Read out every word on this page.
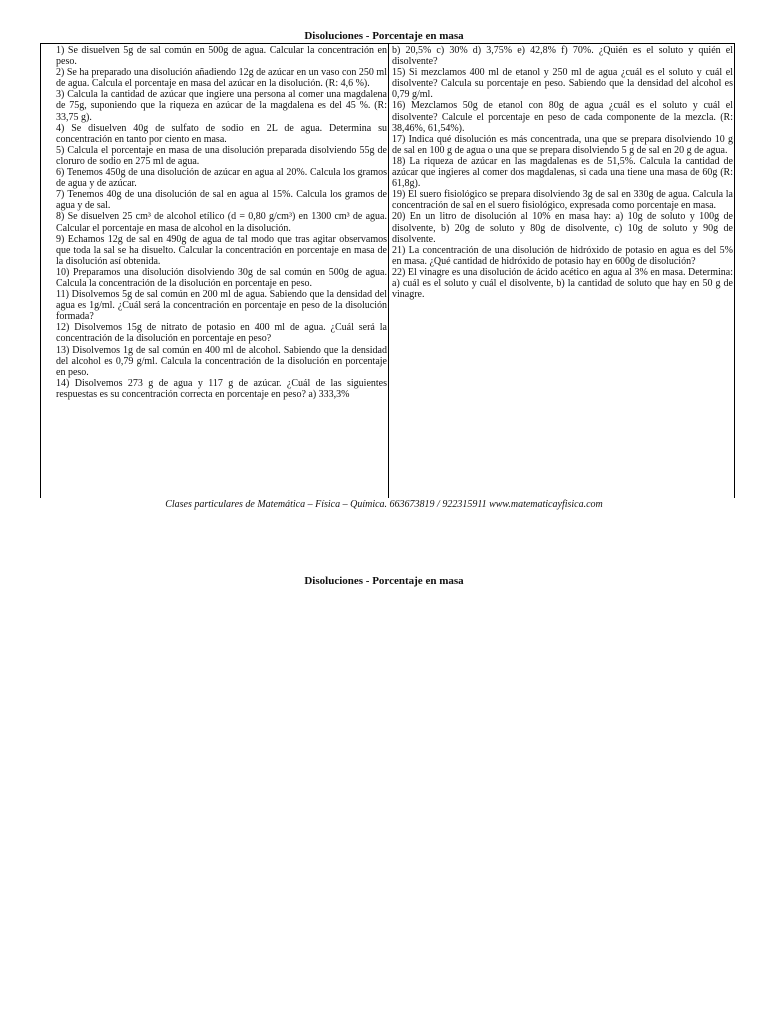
Disoluciones - Porcentaje en masa

1) Se disuelven 5g de sal común en 500g de agua. Calcular la concentración en peso.

2) Se ha preparado una disolución añadiendo 12g de azúcar en un vaso con 250 ml de agua. Calcula el porcentaje en masa del azúcar en la disolución. (R: 4,6 %).

3) Calcula la cantidad de azúcar que ingiere una persona al comer una magdalena de 75g, suponiendo que la riqueza en azúcar de la magdalena es del 45 %. (R: 33,75 g).

4) Se disuelven 40g de sulfato de sodio en 2L de agua. Determina su concentración en tanto por ciento en masa.

5) Calcula el porcentaje en masa de una disolución preparada disolviendo 55g de cloruro de sodio en 275 ml de agua.

6) Tenemos 450g de una disolución de azúcar en agua al 20%. Calcula los gramos de agua y de azúcar.

7) Tenemos 40g de una disolución de sal en agua al 15%. Calcula los gramos de agua y de sal.

8) Se disuelven 25 cm³ de alcohol etílico (d = 0,80 g/cm³) en 1300 cm³ de agua. Calcular el porcentaje en masa de alcohol en la disolución.

9) Echamos 12g de sal en 490g de agua de tal modo que tras agitar observamos que toda la sal se ha disuelto. Calcular la concentración en porcentaje en masa de la disolución así obtenida.

10) Preparamos una disolución disolviendo 30g de sal común en 500g de agua. Calcula la concentración de la disolución en porcentaje en peso.

11) Disolvemos 5g de sal común en 200 ml de agua. Sabiendo que la densidad del agua es 1g/ml. ¿Cuál será la concentración en porcentaje en peso de la disolución formada?

12) Disolvemos 15g de nitrato de potasio en 400 ml de agua. ¿Cuál será la concentración de la disolución en porcentaje en peso?

13) Disolvemos 1g de sal común en 400 ml de alcohol. Sabiendo que la densidad del alcohol es 0,79 g/ml. Calcula la concentración de la disolución en porcentaje en peso.

14) Disolvemos 273 g de agua y 117 g de azúcar. ¿Cuál de las siguientes respuestas es su concentración correcta en porcentaje en peso? a) 333,3%

b) 20,5% c) 30% d) 3,75% e) 42,8% f) 70%. ¿Quién es el soluto y quién el disolvente?

15) Si mezclamos 400 ml de etanol y 250 ml de agua ¿cuál es el soluto y cuál el disolvente? Calcula su porcentaje en peso. Sabiendo que la densidad del alcohol es 0,79 g/ml.

16) Mezclamos 50g de etanol con 80g de agua ¿cuál es el soluto y cuál el disolvente? Calcule el porcentaje en peso de cada componente de la mezcla. (R: 38,46%, 61,54%).

17) Indica qué disolución es más concentrada, una que se prepara disolviendo 10 g de sal en 100 g de agua o una que se prepara disolviendo 5 g de sal en 20 g de agua.

18) La riqueza de azúcar en las magdalenas es de 51,5%. Calcula la cantidad de azúcar que ingieres al comer dos magdalenas, si cada una tiene una masa de 60g (R: 61,8g).

19) El suero fisiológico se prepara disolviendo 3g de sal en 330g de agua. Calcula la concentración de sal en el suero fisiológico, expresada como porcentaje en masa.

20) En un litro de disolución al 10% en masa hay: a) 10g de soluto y 100g de disolvente, b) 20g de soluto y 80g de disolvente, c) 10g de soluto y 90g de disolvente.

21) La concentración de una disolución de hidróxido de potasio en agua es del 5% en masa. ¿Qué cantidad de hidróxido de potasio hay en 600g de disolución?

22) El vinagre es una disolución de ácido acético en agua al 3% en masa. Determina: a) cuál es el soluto y cuál el disolvente, b) la cantidad de soluto que hay en 50 g de vinagre.

Clases particulares de Matemática – Física – Química. 663673819 / 922315911 www.matematicayfisica.com
Disoluciones - Porcentaje en masa
